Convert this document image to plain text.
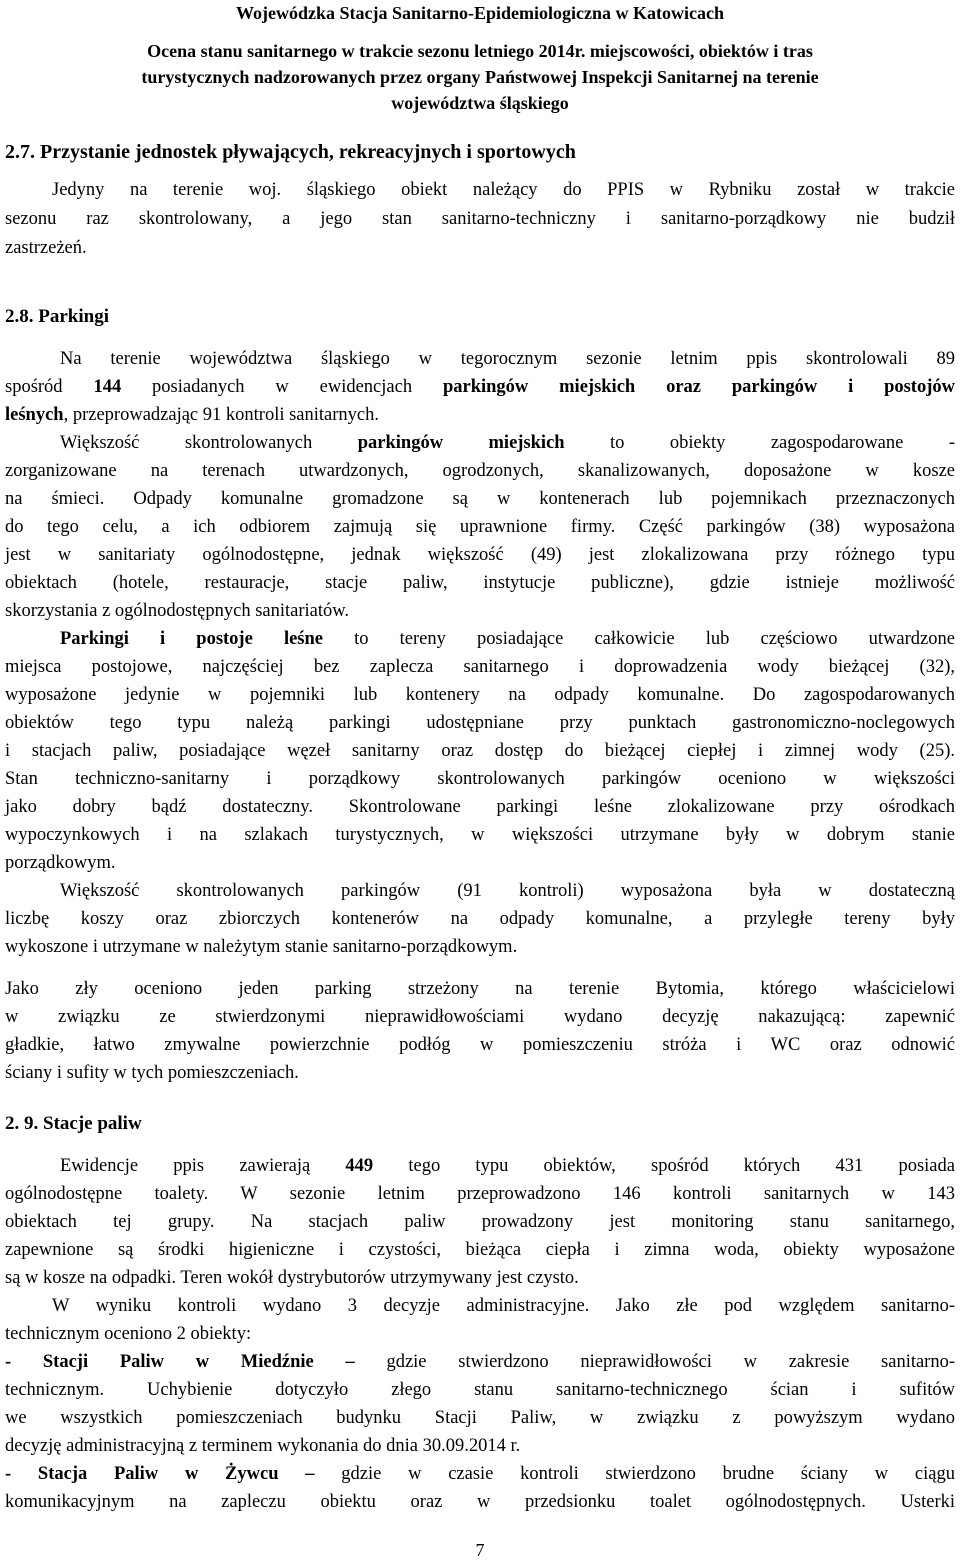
Wojewódzka Stacja Sanitarno-Epidemiologiczna w Katowicach
Ocena stanu sanitarnego w trakcie sezonu letniego 2014r. miejscowości, obiektów i tras
turystycznych nadzorowanych przez organy Państwowej Inspekcji Sanitarnej na terenie
województwa śląskiego
2.7. Przystanie jednostek pływających, rekreacyjnych i sportowych
Jedyny na terenie woj. śląskiego obiekt należący do PPIS w Rybniku został w trakcie
sezonu raz skontrolowany, a jego stan sanitarno-techniczny i sanitarno-porządkowy nie budził
zastrzeżeń.
2.8. Parkingi
Na terenie województwa śląskiego w tegorocznym sezonie letnim ppis skontrolowali 89
spośród 144 posiadanych w ewidencjach parkingów miejskich oraz parkingów i postojów
leśnych, przeprowadzając 91 kontroli sanitarnych.
Większość skontrolowanych parkingów miejskich to obiekty zagospodarowane -
zorganizowane na terenach utwardzonych, ogrodzonych, skanalizowanych, doposażone w kosze
na śmieci. Odpady komunalne gromadzone są w kontenerach lub pojemnikach przeznaczonych
do tego celu, a ich odbiorem zajmują się uprawnione firmy. Część parkingów (38) wyposażona
jest w sanitariaty ogólnodostępne, jednak większość (49) jest zlokalizowana przy różnego typu
obiektach (hotele, restauracje, stacje paliw, instytucje publiczne), gdzie istnieje możliwość
skorzystania z ogólnodostępnych sanitariatów.
Parkingi i postoje leśne to tereny posiadające całkowicie lub częściowo utwardzone
miejsca postojowe, najczęściej bez zaplecza sanitarnego i doprowadzenia wody bieżącej (32),
wyposażone jedynie w pojemniki lub kontenery na odpady komunalne. Do zagospodarowanych
obiektów tego typu należą parkingi udostępniane przy punktach gastronomiczno-noclegowych
i stacjach paliw, posiadające węzeł sanitarny oraz dostęp do bieżącej ciepłej i zimnej wody (25).
Stan techniczno-sanitarny i porządkowy skontrolowanych parkingów oceniono w większości
jako dobry bądź dostateczny. Skontrolowane parkingi leśne zlokalizowane przy ośrodkach
wypoczynkowych i na szlakach turystycznych, w większości utrzymane były w dobrym stanie
porządkowym.
Większość skontrolowanych parkingów (91 kontroli) wyposażona była w dostateczną
liczbę koszy oraz zbiorczych kontenerów na odpady komunalne, a przyległe tereny były
wykoszone i utrzymane w należytym stanie sanitarno-porządkowym.
Jako zły oceniono jeden parking strzeżony na terenie Bytomia, którego właścicielowi
w związku ze stwierdzonymi nieprawidłowościami wydano decyzję nakazującą: zapewnić
gładkie, łatwo zmywalne powierzchnie podłóg w pomieszczeniu stróża i WC oraz odnowić
ściany i sufity w tych pomieszczeniach.
2. 9. Stacje paliw
Ewidencje ppis zawierają 449 tego typu obiektów, spośród których 431 posiada
ogólnodostępne toalety. W sezonie letnim przeprowadzono 146 kontroli sanitarnych w 143
obiektach tej grupy. Na stacjach paliw prowadzony jest monitoring stanu sanitarnego,
zapewnione są środki higieniczne i czystości, bieżąca ciepła i zimna woda, obiekty wyposażone
są w kosze na odpadki. Teren wokół dystrybutorów utrzymywany jest czysto.
W wyniku kontroli wydano 3 decyzje administracyjne. Jako złe pod względem sanitarno-
technicznym oceniono 2 obiekty:
- Stacji Paliw w Miedźnie – gdzie stwierdzono nieprawidłowości w zakresie sanitarno-
technicznym. Uchybienie dotyczyło złego stanu sanitarno-technicznego ścian i sufitów
we wszystkich pomieszczeniach budynku Stacji Paliw, w związku z powyższym wydano
decyzję administracyjną z terminem wykonania do dnia 30.09.2014 r.
- Stacja Paliw w Żywcu – gdzie w czasie kontroli stwierdzono brudne ściany w ciągu
komunikacyjnym na zapleczu obiektu oraz w przedsionku toalet ogólnodostępnych. Usterki
7
